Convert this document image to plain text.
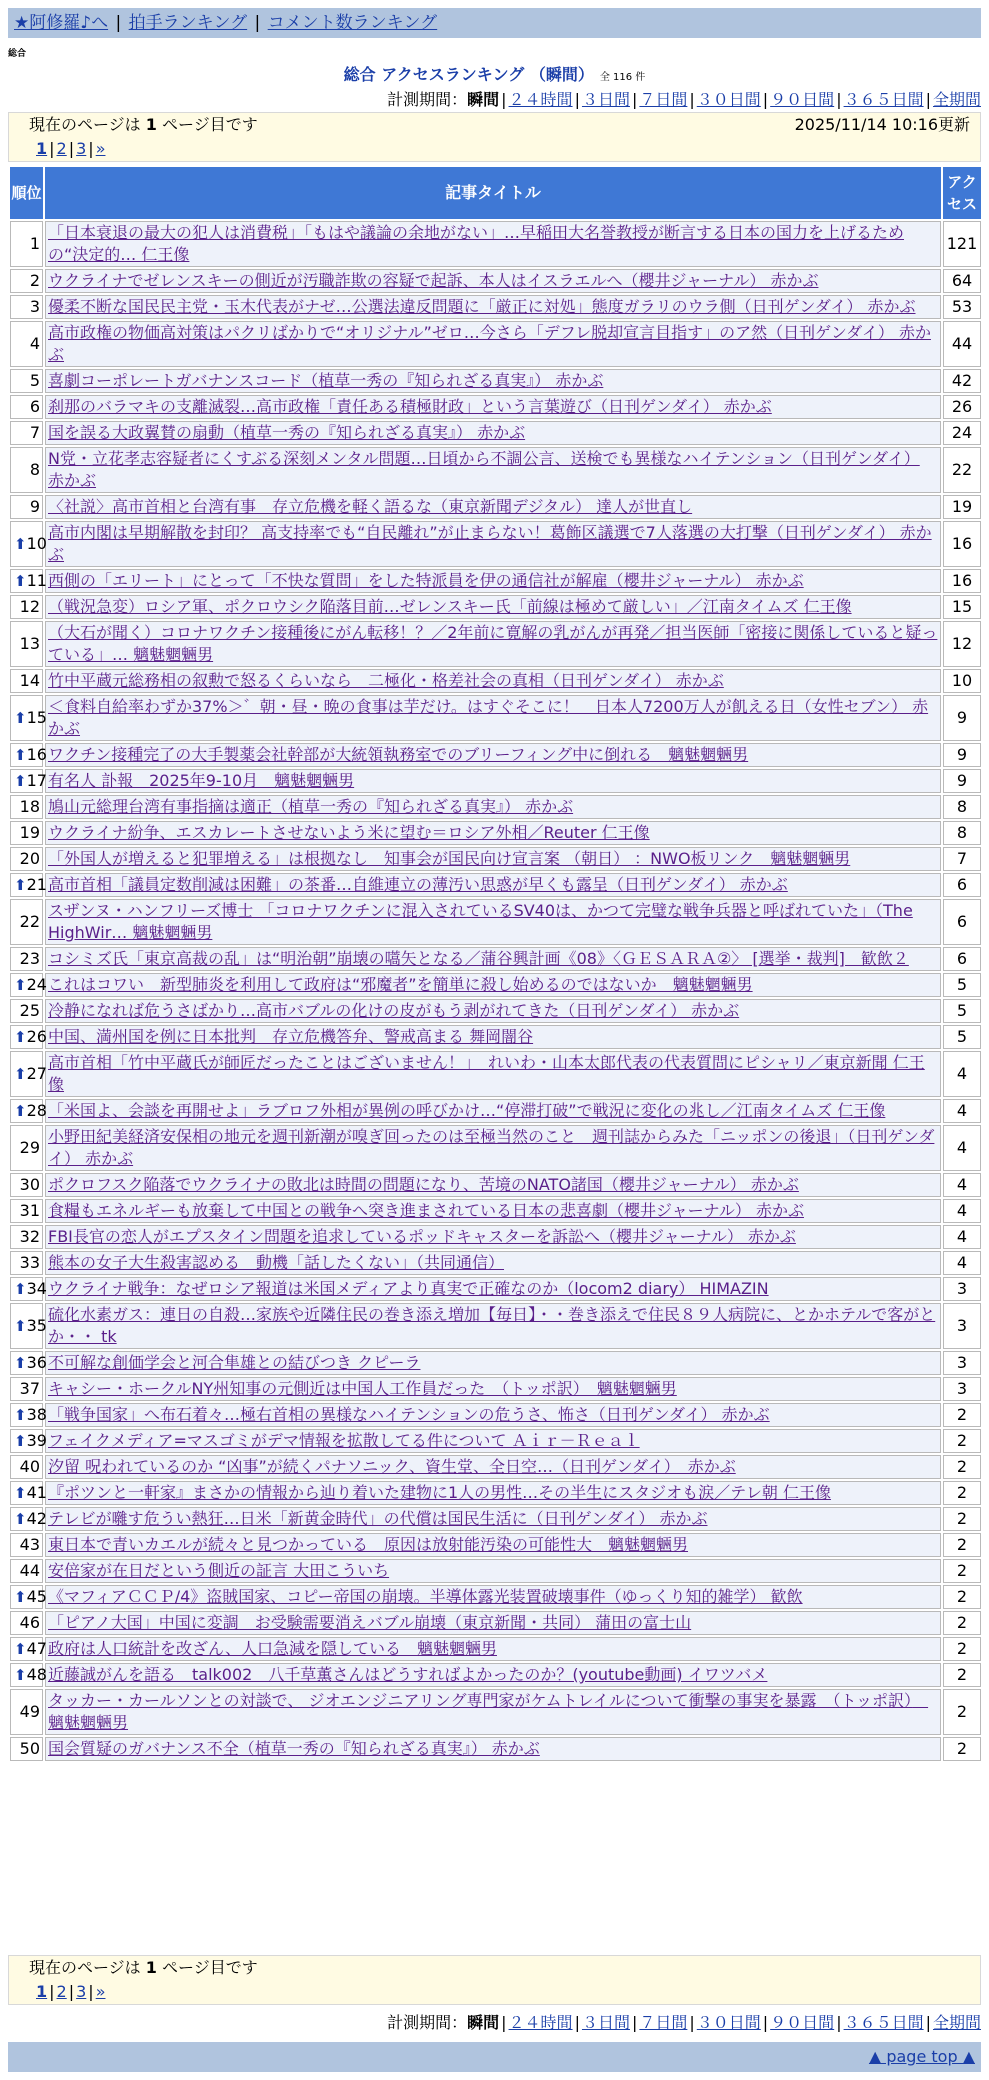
★阿修羅♪へ | 拍手ランキング | コメント数ランキング
総合
総合 アクセスランキング （瞬間） 全 116 件
計測期間：瞬間 | ２４時間 | ３日間 | ７日間 | ３０日間 | ９０日間 | ３６５日間 | 全期間
現在のページは 1 ページ目です	2025/11/14 10:16更新
1 | 2 | 3 | »
順位	記事タイトル	アクセス
1	「日本衰退の最大の犯人は消費税」「もはや議論の余地がない」…早稲田大名誉教授が断言する日本の国力を上げるための“決定的… 仁王像	121
2	ウクライナでゼレンスキーの側近が汚職詐欺の容疑で起訴、本人はイスラエルへ（櫻井ジャーナル） 赤かぶ	64
3	優柔不断な国民民主党・玉木代表がナゼ…公選法違反問題に「厳正に対処」態度ガラリのウラ側（日刊ゲンダイ） 赤かぶ	53
4	高市政権の物価高対策はパクリばかりで“オリジナル”ゼロ…今さら「デフレ脱却宣言目指す」のア然（日刊ゲンダイ） 赤かぶ	44
5	喜劇コーポレートガバナンスコード（植草一秀の『知られざる真実』） 赤かぶ	42
6	刹那のバラマキの支離滅裂…高市政権「責任ある積極財政」という言葉遊び（日刊ゲンダイ） 赤かぶ	26
7	国を誤る大政翼賛の扇動（植草一秀の『知られざる真実』） 赤かぶ	24
8	N党・立花孝志容疑者にくすぶる深刻メンタル問題…日頃から不調公言、送検でも異様なハイテンション（日刊ゲンダイ） 赤かぶ	22
9	〈社説〉高市首相と台湾有事　存立危機を軽く語るな（東京新聞デジタル） 達人が世直し	19

⬆ 10	高市内閣は早期解散を封印？ 高支持率でも“自民離れ”が止まらない！葛飾区議選で7人落選の大打撃（日刊ゲンダイ） 赤かぶ	16

⬆ 11	西側の「エリート」にとって「不快な質問」をした特派員を伊の通信社が解雇（櫻井ジャーナル） 赤かぶ	16
12	（戦況急変）ロシア軍、ポクロウシク陥落目前…ゼレンスキー氏「前線は極めて厳しい」／江南タイムズ 仁王像	15
13	（大石が聞く）コロナワクチン接種後にがん転移！？／2年前に寛解の乳がんが再発／担当医師「密接に関係していると疑っている」… 魑魅魍魎男	12
14	竹中平蔵元総務相の叙勲で怒るくらいなら　二極化・格差社会の真相（日刊ゲンダイ） 赤かぶ	10

⬆ 15	＜食料自給率わずか37%＞゛朝・昼・晩の食事は芋だけ。はすぐそこに！　日本人7200万人が飢える日（女性セブン） 赤かぶ	9

⬆ 16	ワクチン接種完了の大手製薬会社幹部が大統領執務室でのブリーフィング中に倒れる　魑魅魍魎男	9

⬆ 17	有名人 訃報　2025年9-10月　魑魅魍魎男	9
18	鳩山元総理台湾有事指摘は適正（植草一秀の『知られざる真実』） 赤かぶ	8
19	ウクライナ紛争、エスカレートさせないよう米に望む＝ロシア外相／Reuter 仁王像	8
20	「外国人が増えると犯罪増える」は根拠なし　知事会が国民向け宣言案 （朝日） ：NWO板リンク　魑魅魍魎男	7

⬆ 21	高市首相「議員定数削減は困難」の茶番…自維連立の薄汚い思惑が早くも露呈（日刊ゲンダイ） 赤かぶ	6
22	スザンヌ・ハンフリーズ博士 「コロナワクチンに混入されているSV40は、かつて完璧な戦争兵器と呼ばれていた」（The HighWir… 魑魅魍魎男	6
23	コシミズ氏「東京高裁の乱」は“明治朝”崩壊の嚆矢となる／蒲谷興計画《08》〈ＧＥＳＡＲＡ②〉 [選挙・裁判]　歓飲２	6

⬆ 24	これはコワい　新型肺炎を利用して政府は“邪魔者”を簡単に殺し始めるのではないか　魑魅魍魎男	5
25	冷静になれば危うさばかり…高市バブルの化けの皮がもう剥がれてきた（日刊ゲンダイ） 赤かぶ	5

⬆ 26	中国、満州国を例に日本批判　存立危機答弁、警戒高まる 舞岡闇谷	5

⬆ 27	高市首相「竹中平蔵氏が師匠だったことはございません！」　れいわ・山本太郎代表の代表質問にピシャリ／東京新聞 仁王像	4

⬆ 28	「米国よ、会談を再開せよ」ラブロフ外相が異例の呼びかけ…“停滞打破”で戦況に変化の兆し／江南タイムズ 仁王像	4
29	小野田紀美経済安保相の地元を週刊新潮が嗅ぎ回ったのは至極当然のこと　週刊誌からみた「ニッポンの後退」（日刊ゲンダイ） 赤かぶ	4
30	ポクロフスク陥落でウクライナの敗北は時間の問題になり、苦境のNATO諸国（櫻井ジャーナル） 赤かぶ	4
31	食糧もエネルギーも放棄して中国との戦争へ突き進まされている日本の悲喜劇（櫻井ジャーナル） 赤かぶ	4
32	FBI長官の恋人がエプスタイン問題を追求しているポッドキャスターを訴訟へ（櫻井ジャーナル） 赤かぶ	4
33	熊本の女子大生殺害認める　動機「話したくない」（共同通信）	4

⬆ 34	ウクライナ戦争：なぜロシア報道は米国メディアより真実で正確なのか（locom2 diary） HIMAZIN	3

⬆ 35	硫化水素ガス：連日の自殺…家族や近隣住民の巻き添え増加【毎日】・・巻き添えで住民８９人病院に、とかホテルで客がとか・・ tk	3

⬆ 36	不可解な創価学会と河合隼雄との結びつき クピーラ	3
37	キャシー・ホークルNY州知事の元側近は中国人工作員だった　（トッポ訳）　魑魅魍魎男	3

⬆ 38	「戦争国家」へ布石着々…極右首相の異様なハイテンションの危うさ、怖さ（日刊ゲンダイ） 赤かぶ	2

⬆ 39	フェイクメディア=マスゴミがデマ情報を拡散してる件について Ａｉｒ－Ｒｅａｌ	2
40	汐留 呪われているのか “凶事”が続くパナソニック、資生堂、全日空…（日刊ゲンダイ）　赤かぶ	2

⬆ 41	『ポツンと一軒家』まさかの情報から辿り着いた建物に1人の男性…その半生にスタジオも涙／テレ朝 仁王像	2

⬆ 42	テレビが囃す危うい熱狂…日米「新黄金時代」の代償は国民生活に（日刊ゲンダイ） 赤かぶ	2
43	東日本で青いカエルが続々と見つかっている　原因は放射能汚染の可能性大　魑魅魍魎男	2
44	安倍家が在日だという側近の証言 大田こういち	2

⬆ 45	《マフィアＣＣＰ/4》盗賊国家、コピー帝国の崩壊。半導体露光装置破壊事件（ゆっくり知的雑学） 歓飲	2
46	「ピアノ大国」中国に変調　お受験需要消えバブル崩壊（東京新聞・共同） 蒲田の富士山	2

⬆ 47	政府は人口統計を改ざん、人口急減を隠している　魑魅魍魎男	2

⬆ 48	近藤誠がんを語る　talk002　八千草薫さんはどうすればよかったのか？(youtube動画) イワツバメ	2
49	タッカー・カールソンとの対談で、 ジオエンジニアリング専門家がケムトレイルについて衝撃の事実を暴露　（トッポ訳）　魑魅魍魎男	2
50	国会質疑のガバナンス不全（植草一秀の『知られざる真実』） 赤かぶ	2
現在のページは 1 ページ目です
1 | 2 | 3 | »
計測期間：瞬間 | ２４時間 | ３日間 | ７日間 | ３０日間 | ９０日間 | ３６５日間 | 全期間
▲ page top ▲
